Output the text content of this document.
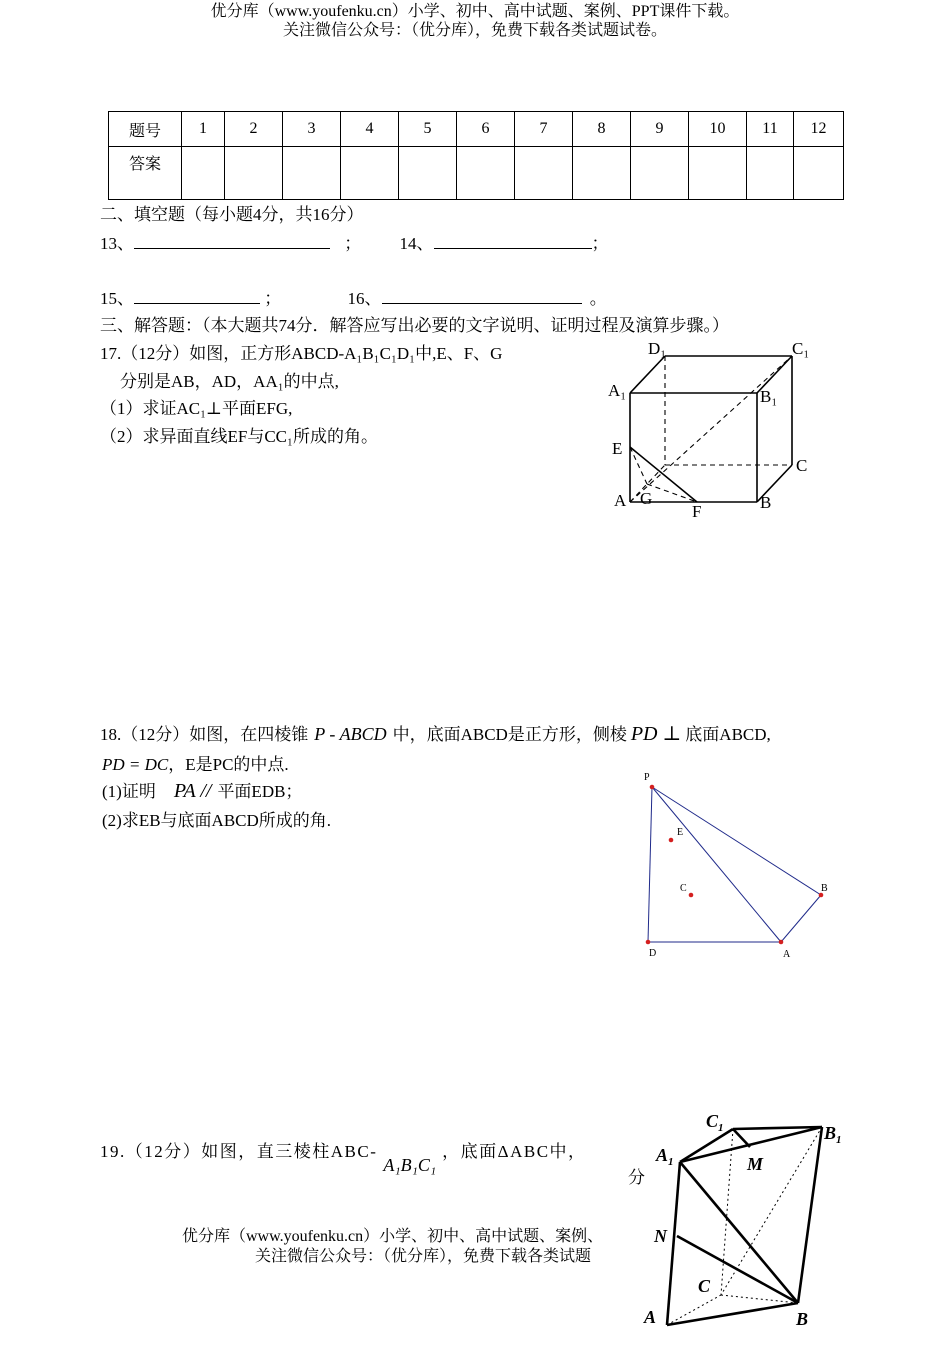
优分库（www.youfenku.cn）小学、初中、高中试题、案例、PPT课件下载。
关注微信公众号：（优分库），免费下载各类试题试卷。
题号	1	2	3	4	5	6	7	8	9	10	11	12
答案												
二、填空题（每小题4分，共16分）
13、	； 14、	；
15、	；	16、	。
三、解答题：（本大题共74分．解答应写出必要的文字说明、证明过程及演算步骤。）
17.（12分）如图，正方形ABCD-A₁B₁C₁D₁中,E、F、G
分别是AB，AD，AA₁的中点,
（1）求证AC₁⊥平面EFG,
（2）求异面直线EF与CC₁所成的角。
D₁	C₁
A₁	B₁
E
C
A G	B
F
18.（12分）如图，在四棱锥 P - ABCD 中，底面ABCD是正方形，侧棱 PD ⊥ 底面ABCD,
PD = DC，E是PC的中点.
(1)证明 PA // 平面EDB；
(2)求EB与底面ABCD所成的角.
P
E
C	B
D	A
19.（12分）如图，直三棱柱ABC-A₁B₁C₁，底面ΔABC中，
分
$C_1$	$B_1$
$A_1$	M
N
C
A	B
优分库（www.youfenku.cn）小学、初中、高中试题、案例、
关注微信公众号：（优分库），免费下载各类试题
